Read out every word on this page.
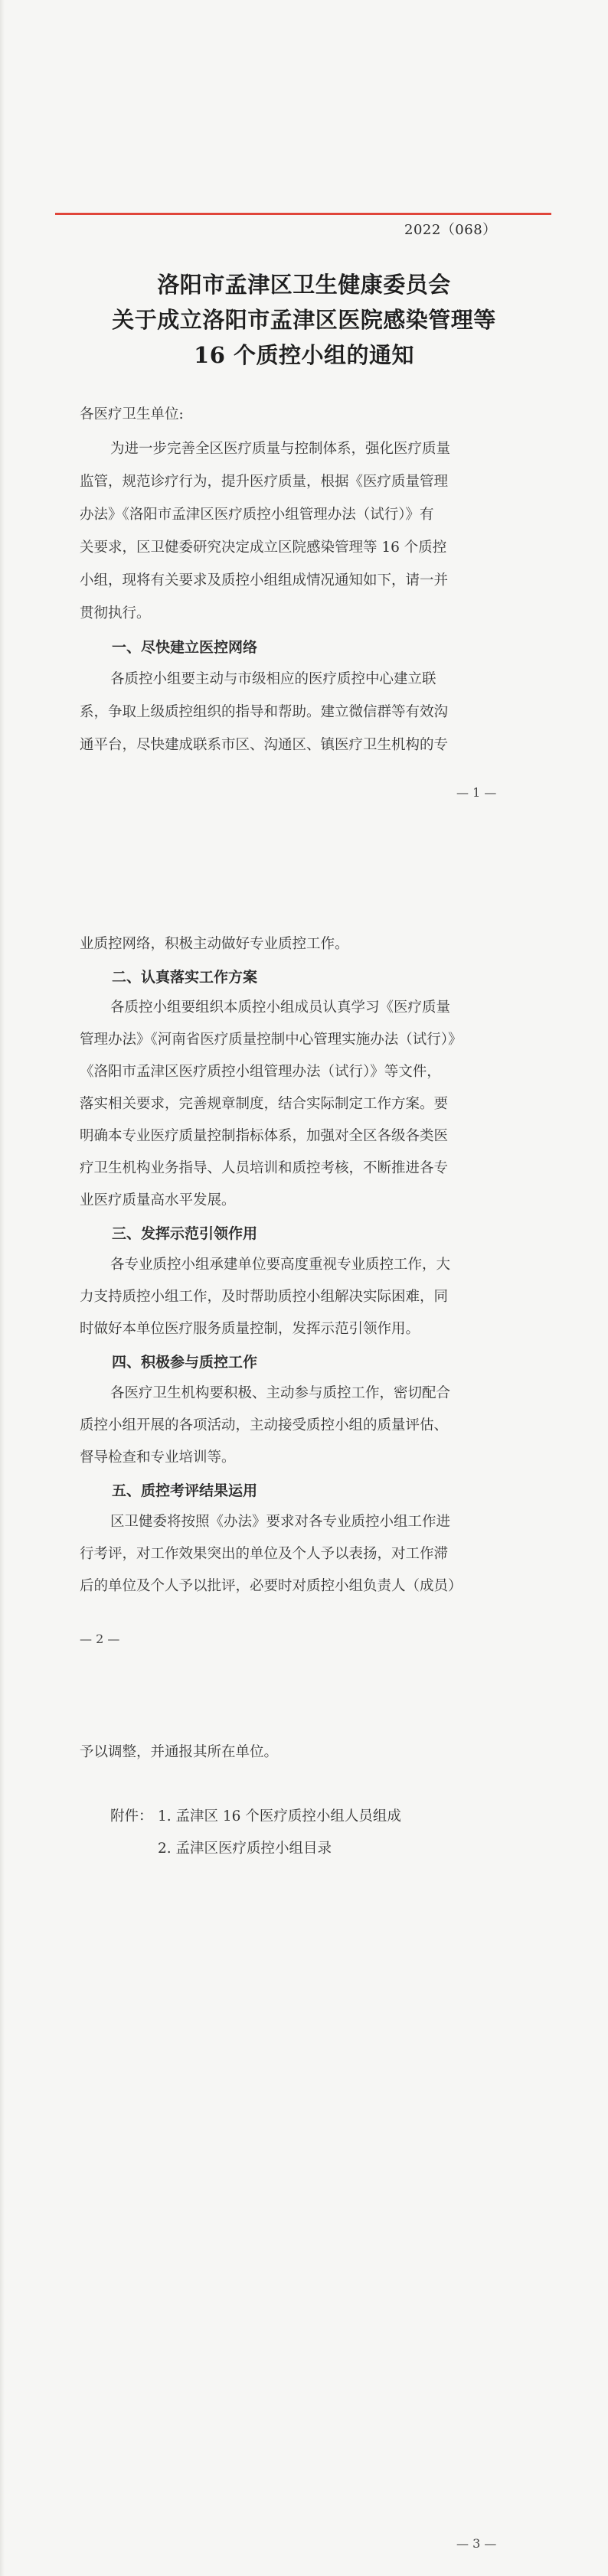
2022（068）
洛阳市孟津区卫生健康委员会
关于成立洛阳市孟津区医院感染管理等
16 个质控小组的通知
各医疗卫生单位:
为进一步完善全区医疗质量与控制体系，强化医疗质量
监管，规范诊疗行为，提升医疗质量，根据《医疗质量管理
办法》《洛阳市孟津区医疗质控小组管理办法（试行）》有
关要求，区卫健委研究决定成立区院感染管理等 16 个质控
小组，现将有关要求及质控小组组成情况通知如下，请一并
贯彻执行。
一、尽快建立医控网络
各质控小组要主动与市级相应的医疗质控中心建立联
系，争取上级质控组织的指导和帮助。建立微信群等有效沟
通平台，尽快建成联系市区、沟通区、镇医疗卫生机构的专
— 1 —
业质控网络，积极主动做好专业质控工作。
二、认真落实工作方案
各质控小组要组织本质控小组成员认真学习《医疗质量
管理办法》《河南省医疗质量控制中心管理实施办法（试行）》
《洛阳市孟津区医疗质控小组管理办法（试行）》等文件，
落实相关要求，完善规章制度，结合实际制定工作方案。要
明确本专业医疗质量控制指标体系，加强对全区各级各类医
疗卫生机构业务指导、人员培训和质控考核，不断推进各专
业医疗质量高水平发展。
三、发挥示范引领作用
各专业质控小组承建单位要高度重视专业质控工作，大
力支持质控小组工作，及时帮助质控小组解决实际困难，同
时做好本单位医疗服务质量控制，发挥示范引领作用。
四、积极参与质控工作
各医疗卫生机构要积极、主动参与质控工作，密切配合
质控小组开展的各项活动，主动接受质控小组的质量评估、
督导检查和专业培训等。
五、质控考评结果运用
区卫健委将按照《办法》要求对各专业质控小组工作进
行考评，对工作效果突出的单位及个人予以表扬，对工作滞
后的单位及个人予以批评，必要时对质控小组负责人（成员）
— 2 —
予以调整，并通报其所在单位。
附件： 1. 孟津区 16 个医疗质控小组人员组成
2. 孟津区医疗质控小组目录
— 3 —
